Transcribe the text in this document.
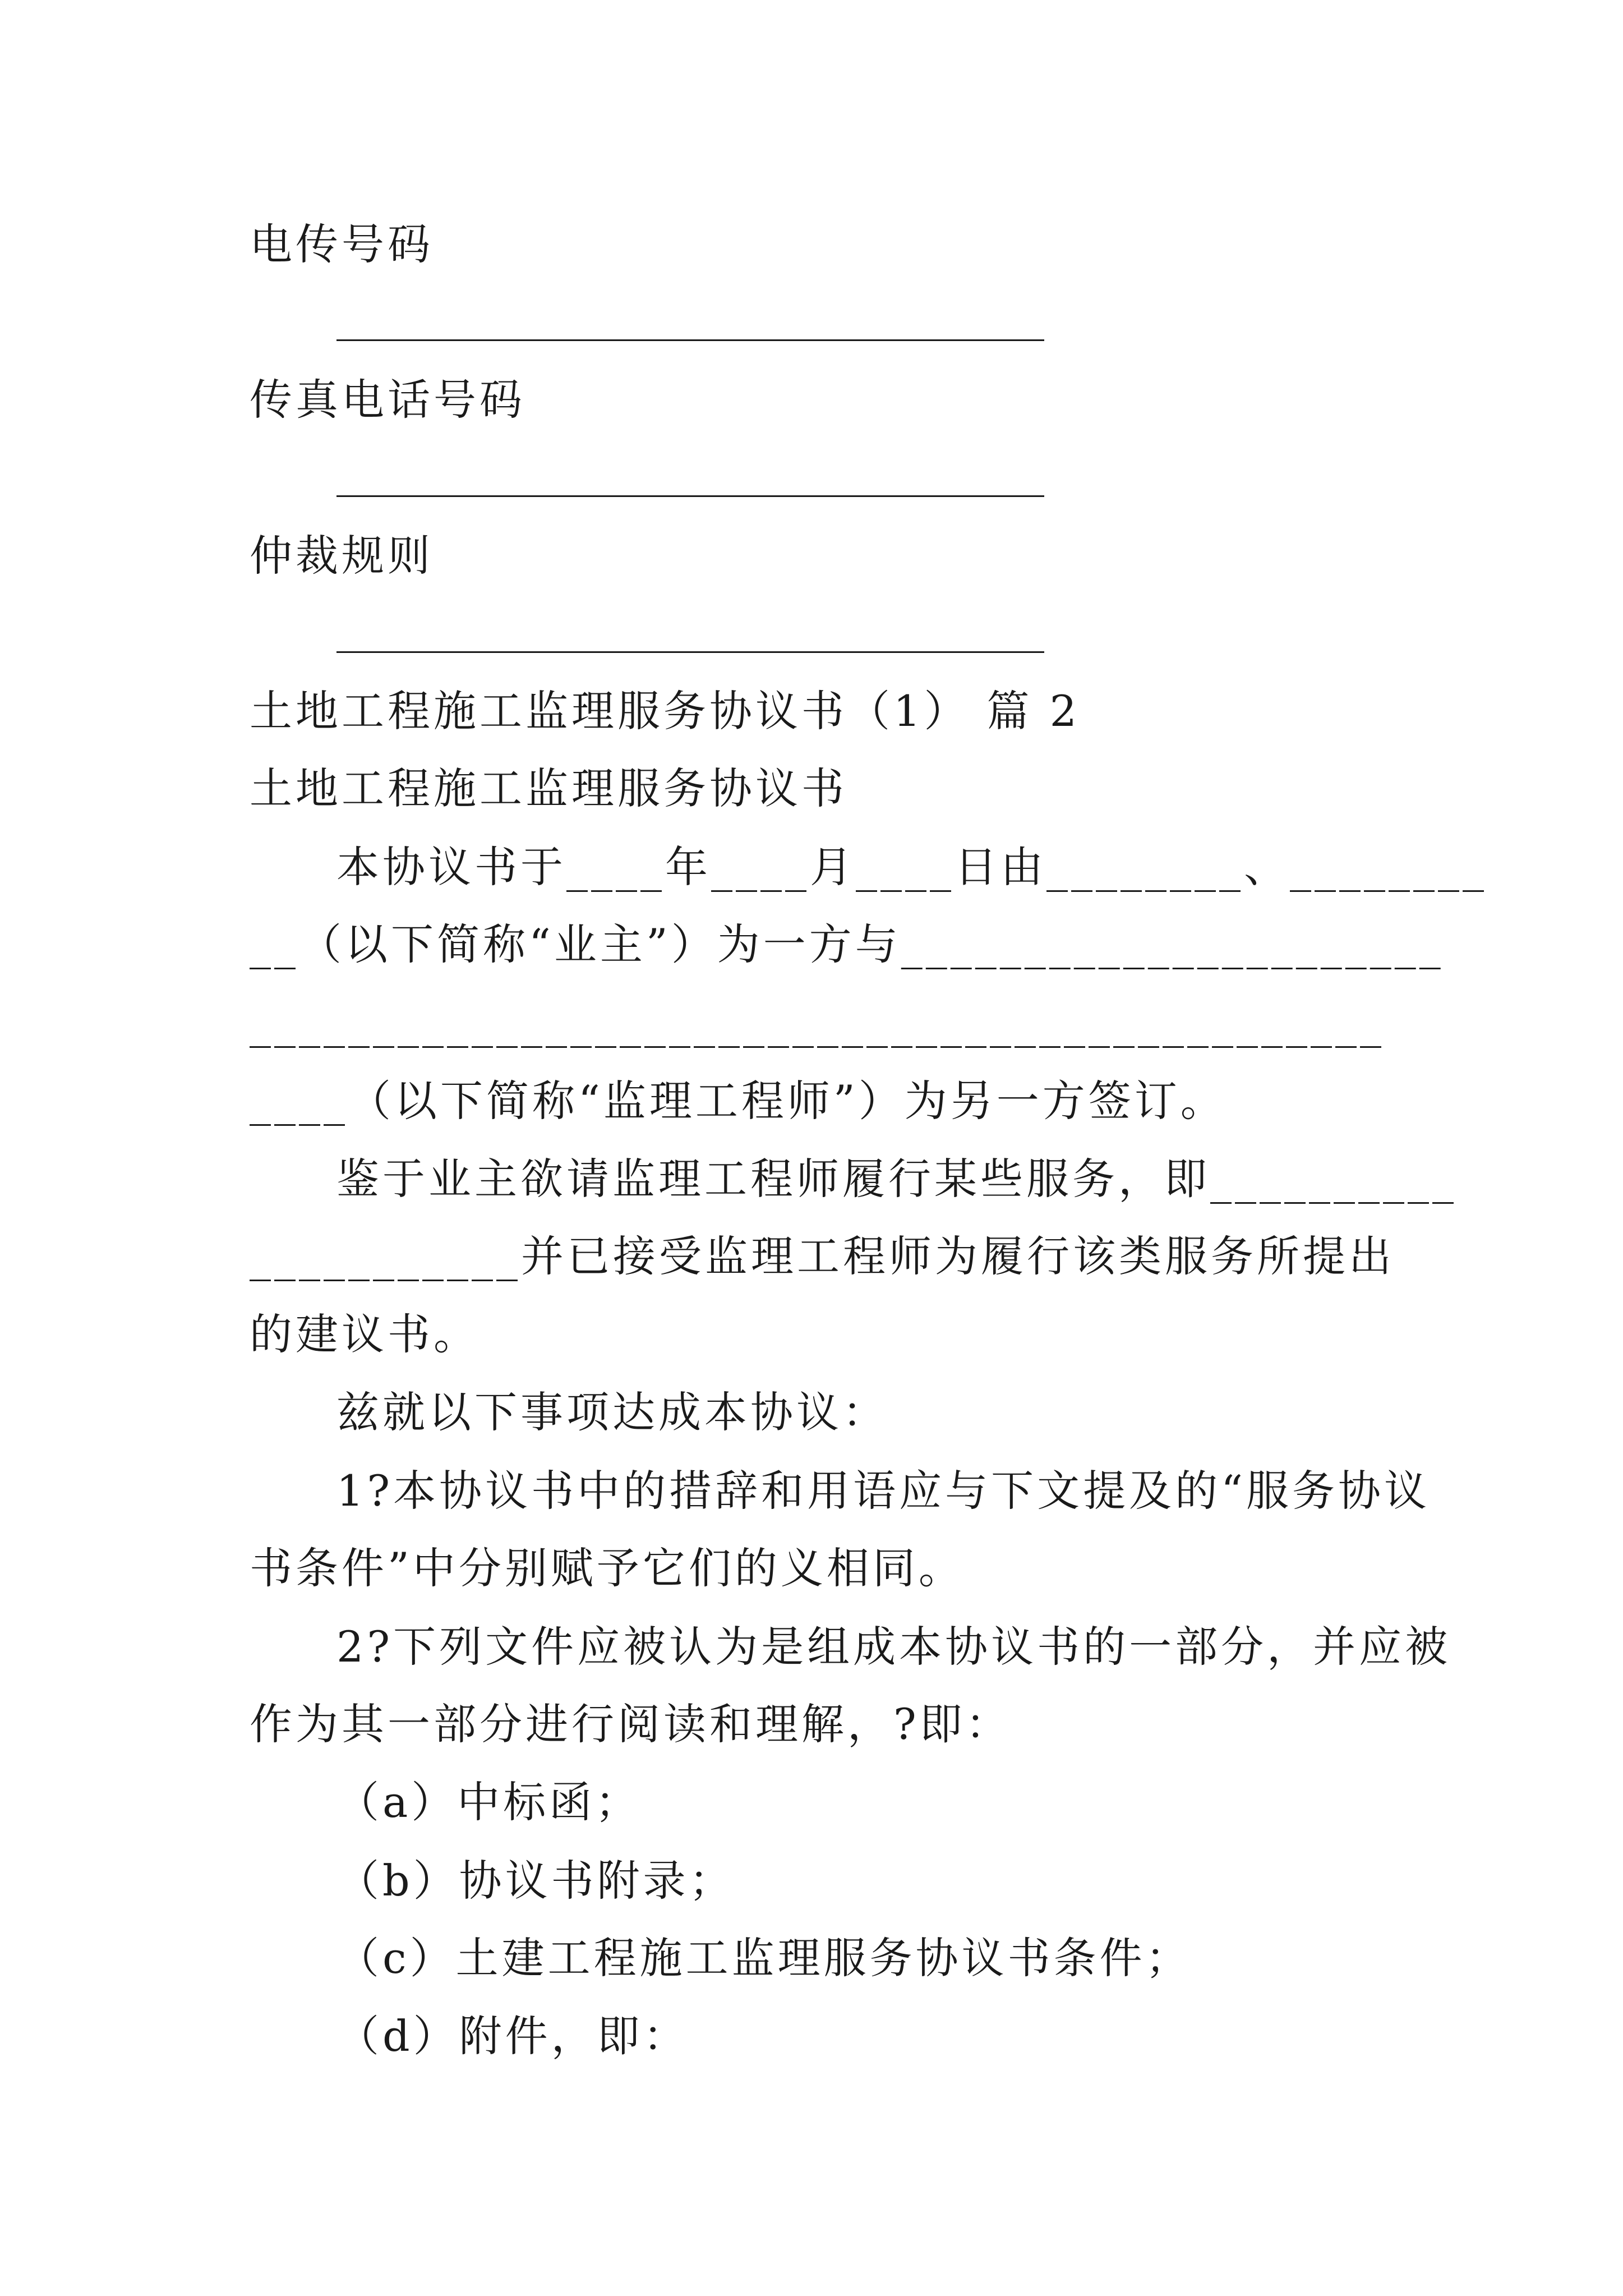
电传号码
传真电话号码
仲裁规则
土地工程施工监理服务协议书（1） 篇 2
土地工程施工监理服务协议书
本协议书于____年____月____日由________、________
__（以下简称“业主”）为一方与______________________
______________________________________________
____（以下简称“监理工程师”）为另一方签订。
鉴于业主欲请监理工程师履行某些服务，即__________
___________并已接受监理工程师为履行该类服务所提出
的建议书。
兹就以下事项达成本协议：
1?本协议书中的措辞和用语应与下文提及的“服务协议
书条件”中分别赋予它们的义相同。
2?下列文件应被认为是组成本协议书的一部分，并应被
作为其一部分进行阅读和理解，?即：
（a）中标函；
（b）协议书附录；
（c）土建工程施工监理服务协议书条件；
（d）附件，即：
